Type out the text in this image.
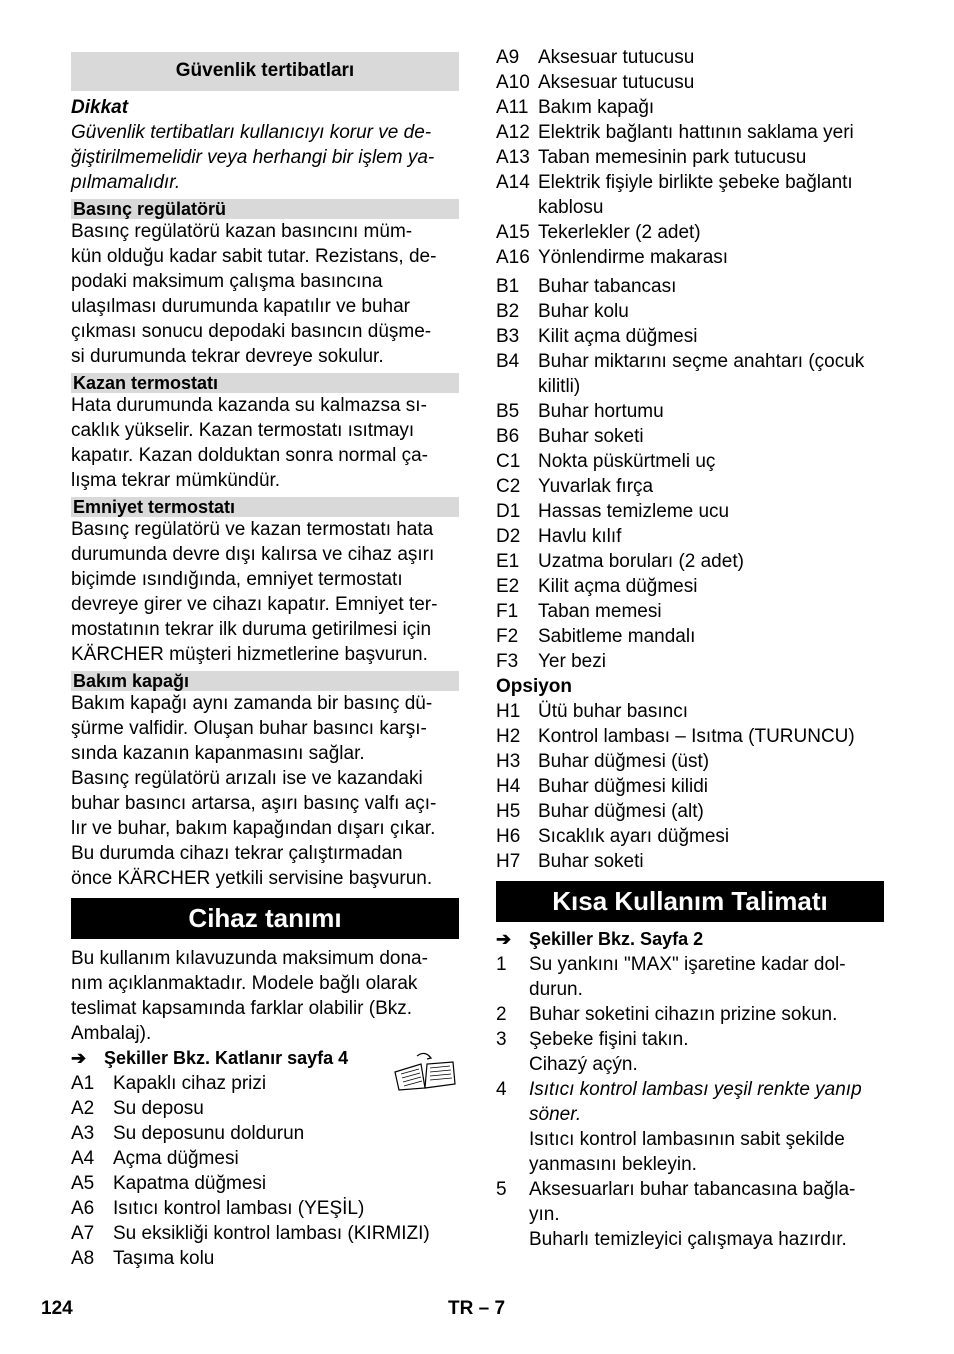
Güvenlik tertibatları
Dikkat
Güvenlik tertibatları kullanıcıyı korur ve de-
ğiştirilmemelidir veya herhangi bir işlem ya-
pılmamalıdır.
Basınç regülatörü
Basınç regülatörü kazan basıncını müm-
kün olduğu kadar sabit tutar. Rezistans, de-
podaki maksimum çalışma basıncına
ulaşılması durumunda kapatılır ve buhar
çıkması sonucu depodaki basıncın düşme-
si durumunda tekrar devreye sokulur.
Kazan termostatı
Hata durumunda kazanda su kalmazsa sı-
caklık yükselir. Kazan termostatı ısıtmayı
kapatır. Kazan dolduktan sonra normal ça-
lışma tekrar mümkündür.
Emniyet termostatı
Basınç regülatörü ve kazan termostatı hata
durumunda devre dışı kalırsa ve cihaz aşırı
biçimde ısındığında, emniyet termostatı
devreye girer ve cihazı kapatır. Emniyet ter-
mostatının tekrar ilk duruma getirilmesi için
KÄRCHER müşteri hizmetlerine başvurun.
Bakım kapağı
Bakım kapağı aynı zamanda bir basınç dü-
şürme valfidir. Oluşan buhar basıncı karşı-
sında kazanın kapanmasını sağlar.
Basınç regülatörü arızalı ise ve kazandaki
buhar basıncı artarsa, aşırı basınç valfı açı-
lır ve buhar, bakım kapağından dışarı çıkar.
Bu durumda cihazı tekrar çalıştırmadan
önce KÄRCHER yetkili servisine başvurun.
Cihaz tanımı
Bu kullanım kılavuzunda maksimum dona-
nım açıklanmaktadır. Modele bağlı olarak
teslimat kapsamında farklar olabilir (Bkz.
Ambalaj).
➔ Şekiller Bkz. Katlanır sayfa 4
A1 Kapaklı cihaz prizi
A2 Su deposu
A3 Su deposunu doldurun
A4 Açma düğmesi
A5 Kapatma düğmesi
A6 Isıtıcı kontrol lambası (YEŞİL)
A7 Su eksikliği kontrol lambası (KIRMIZI)
A8 Taşıma kolu
A9 Aksesuar tutucusu
A10 Aksesuar tutucusu
A11 Bakım kapağı
A12 Elektrik bağlantı hattının saklama yeri
A13 Taban memesinin park tutucusu
A14 Elektrik fişiyle birlikte şebeke bağlantı
kablosu
A15 Tekerlekler (2 adet)
A16 Yönlendirme makarası
B1 Buhar tabancası
B2 Buhar kolu
B3 Kilit açma düğmesi
B4 Buhar miktarını seçme anahtarı (çocuk
kilitli)
B5 Buhar hortumu
B6 Buhar soketi
C1 Nokta püskürtmeli uç
C2 Yuvarlak fırça
D1 Hassas temizleme ucu
D2 Havlu kılıf
E1 Uzatma boruları (2 adet)
E2 Kilit açma düğmesi
F1	Taban memesi
F2	Sabitleme mandalı
F3	Yer bezi
Opsiyon
H1 Ütü buhar basıncı
H2 Kontrol lambası – Isıtma (TURUNCU)
H3 Buhar düğmesi (üst)
H4 Buhar düğmesi kilidi
H5 Buhar düğmesi (alt)
H6 Sıcaklık ayarı düğmesi
H7 Buhar soketi
Kısa Kullanım Talimatı
➔ Şekiller Bkz. Sayfa 2
1	Su yankını "MAX" işaretine kadar dol-
durun.
2	Buhar soketini cihazın prizine sokun.
3	Şebeke fişini takın.
Cihazý açýn.
4	Isıtıcı kontrol lambası yeşil renkte yanıp
söner.
Isıtıcı kontrol lambasının sabit şekilde
yanmasını bekleyin.
5	Aksesuarları buhar tabancasına bağla-
yın.
Buharlı temizleyici çalışmaya hazırdır.
124	TR – 7
